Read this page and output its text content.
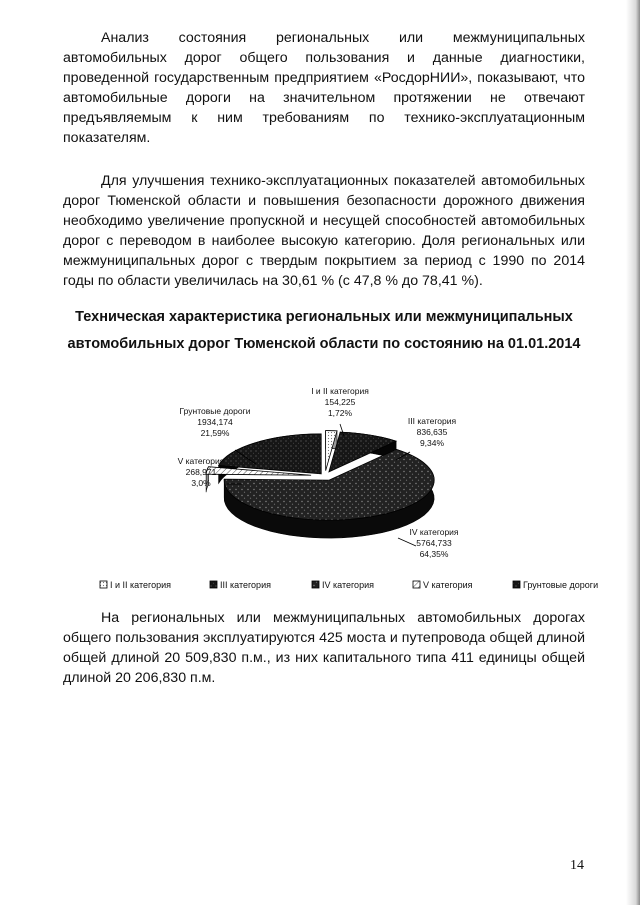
Анализ состояния региональных или межмуниципальных автомобильных дорог общего пользования и данные диагностики, проведенной государственным предприятием «РосдорНИИ», показывают, что автомобильные дороги на значительном протяжении не отвечают предъявляемым к ним требованиям по технико-эксплуатационным показателям.

Для улучшения технико-эксплуатационных показателей автомобильных дорог Тюменской области и повышения безопасности дорожного движения необходимо увеличение пропускной и несущей способностей автомобильных дорог с переводом в наиболее высокую категорию. Доля региональных или межмуниципальных дорог с твердым покрытием за период с 1990 по 2014 годы по области увеличилась на 30,61 % (с 47,8 % до 78,41 %).

Техническая характеристика региональных или межмуниципальных
автомобильных дорог Тюменской области по состоянию на 01.01.2014
I и II категория 154,225 1,72%
III категория 836,635 9,34%
IV категория 5764,733 64,35%
V категория 268,971 3,0%
Грунтовые дороги 1934,174 21,59%
I и II категория	III категория	IV категория	V категория	Грунтовые дороги

На региональных или межмуниципальных автомобильных дорогах общего пользования эксплуатируются 425 моста и путепровода общей длиной общей длиной 20 509,830 п.м., из них капитального типа 411 единицы общей длиной 20 206,830 п.м.

14
